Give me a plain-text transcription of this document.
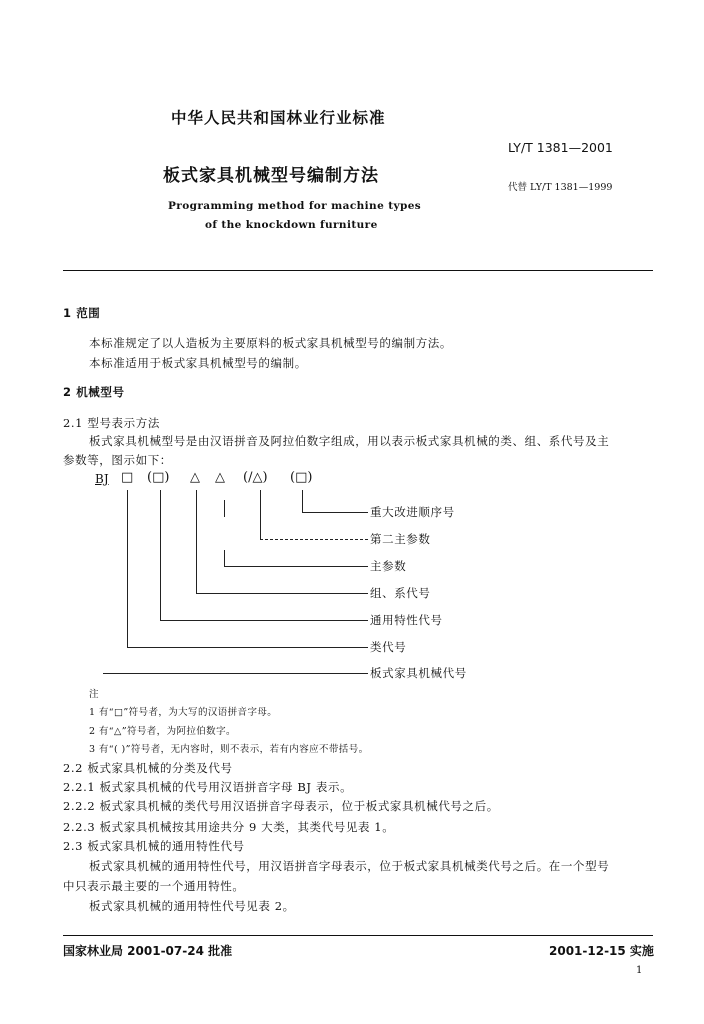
中华人民共和国林业行业标准
LY/T 1381—2001
板式家具机械型号编制方法
代替 LY/T 1381—1999
Programming method for machine types
of the knockdown furniture
1 范围
本标准规定了以人造板为主要原料的板式家具机械型号的编制方法。
本标准适用于板式家具机械型号的编制。
2 机械型号
2.1 型号表示方法
板式家具机械型号是由汉语拼音及阿拉伯数字组成，用以表示板式家具机械的类、组、系代号及主
参数等，图示如下：
BJ □ (□) △ △ (/△) (□)
重大改进顺序号
第二主参数
主参数
组、系代号
通用特性代号
类代号
板式家具机械代号
注
1 有“□”符号者，为大写的汉语拼音字母。
2 有“△”符号者，为阿拉伯数字。
3 有“( )”符号者，无内容时，则不表示，若有内容应不带括号。
2.2 板式家具机械的分类及代号
2.2.1 板式家具机械的代号用汉语拼音字母 BJ 表示。
2.2.2 板式家具机械的类代号用汉语拼音字母表示，位于板式家具机械代号之后。
2.2.3 板式家具机械按其用途共分 9 大类，其类代号见表 1。
2.3 板式家具机械的通用特性代号
板式家具机械的通用特性代号，用汉语拼音字母表示，位于板式家具机械类代号之后。在一个型号
中只表示最主要的一个通用特性。
板式家具机械的通用特性代号见表 2。
国家林业局 2001-07-24 批准	2001-12-15 实施
1
